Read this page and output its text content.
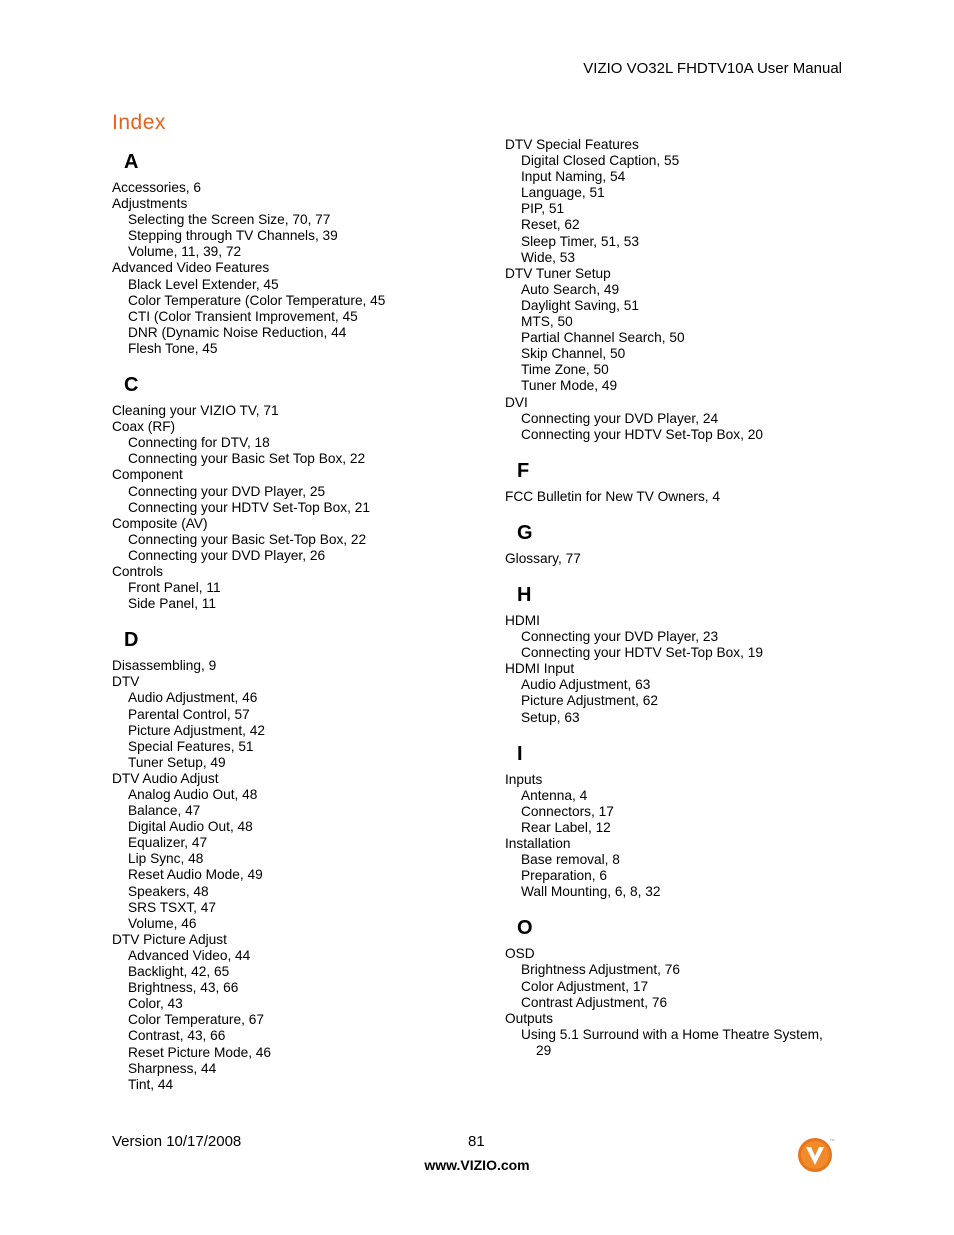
VIZIO VO32L FHDTV10A User Manual
Index
A
Accessories, 6
Adjustments
Selecting the Screen Size, 70, 77
Stepping through TV Channels, 39
Volume, 11, 39, 72
Advanced Video Features
Black Level Extender, 45
Color Temperature (Color Temperature, 45
CTI (Color Transient Improvement, 45
DNR (Dynamic Noise Reduction, 44
Flesh Tone, 45
C
Cleaning your VIZIO TV, 71
Coax (RF)
Connecting for DTV, 18
Connecting your Basic Set Top Box, 22
Component
Connecting your DVD Player, 25
Connecting your HDTV Set-Top Box, 21
Composite (AV)
Connecting your Basic Set-Top Box, 22
Connecting your DVD Player, 26
Controls
Front Panel, 11
Side Panel, 11
D
Disassembling, 9
DTV
Audio Adjustment, 46
Parental Control, 57
Picture Adjustment, 42
Special Features, 51
Tuner Setup, 49
DTV Audio Adjust
Analog Audio Out, 48
Balance, 47
Digital Audio Out, 48
Equalizer, 47
Lip Sync, 48
Reset Audio Mode, 49
Speakers, 48
SRS TSXT, 47
Volume, 46
DTV Picture Adjust
Advanced Video, 44
Backlight, 42, 65
Brightness, 43, 66
Color, 43
Color Temperature, 67
Contrast, 43, 66
Reset Picture Mode, 46
Sharpness, 44
Tint, 44
DTV Special Features
Digital Closed Caption, 55
Input Naming, 54
Language, 51
PIP, 51
Reset, 62
Sleep Timer, 51, 53
Wide, 53
DTV Tuner Setup
Auto Search, 49
Daylight Saving, 51
MTS, 50
Partial Channel Search, 50
Skip Channel, 50
Time Zone, 50
Tuner Mode, 49
DVI
Connecting your DVD Player, 24
Connecting your HDTV Set-Top Box, 20
F
FCC Bulletin for New TV Owners, 4
G
Glossary, 77
H
HDMI
Connecting your DVD Player, 23
Connecting your HDTV Set-Top Box, 19
HDMI Input
Audio Adjustment, 63
Picture Adjustment, 62
Setup, 63
I
Inputs
Antenna, 4
Connectors, 17
Rear Label, 12
Installation
Base removal, 8
Preparation, 6
Wall Mounting, 6, 8, 32
O
OSD
Brightness Adjustment, 76
Color Adjustment, 17
Contrast Adjustment, 76
Outputs
Using 5.1 Surround with a Home Theatre System,
29
Version 10/17/2008	81
www.VIZIO.com
TM
